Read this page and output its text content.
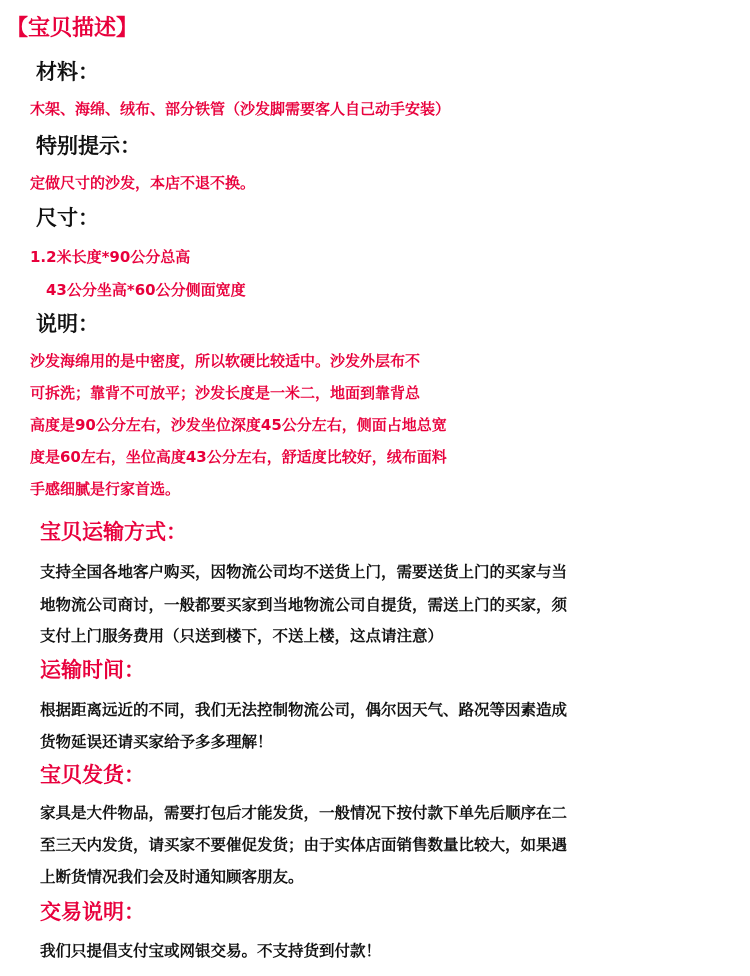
【宝贝描述】
材料：

木架、海绵、绒布、部分铁管（沙发脚需要客人自己动手安装）

特别提示：

定做尺寸的沙发，本店不退不换。

尺寸：

1.2米长度*90公分总高

43公分坐高*60公分侧面宽度

说明：

沙发海绵用的是中密度，所以软硬比较适中。沙发外层布不

可拆洗；靠背不可放平；沙发长度是一米二，地面到靠背总

高度是90公分左右，沙发坐位深度45公分左右，侧面占地总宽

度是60左右，坐位高度43公分左右，舒适度比较好，绒布面料

手感细腻是行家首选。

宝贝运输方式：

支持全国各地客户购买，因物流公司均不送货上门，需要送货上门的买家与当

地物流公司商讨，一般都要买家到当地物流公司自提货，需送上门的买家，须

支付上门服务费用（只送到楼下，不送上楼，这点请注意）

运输时间：

根据距离远近的不同，我们无法控制物流公司，偶尔因天气、路况等因素造成

货物延误还请买家给予多多理解！

宝贝发货：

家具是大件物品，需要打包后才能发货，一般情况下按付款下单先后顺序在二

至三天内发货，请买家不要催促发货；由于实体店面销售数量比较大，如果遇

上断货情况我们会及时通知顾客朋友。

交易说明：

我们只提倡支付宝或网银交易。不支持货到付款！
